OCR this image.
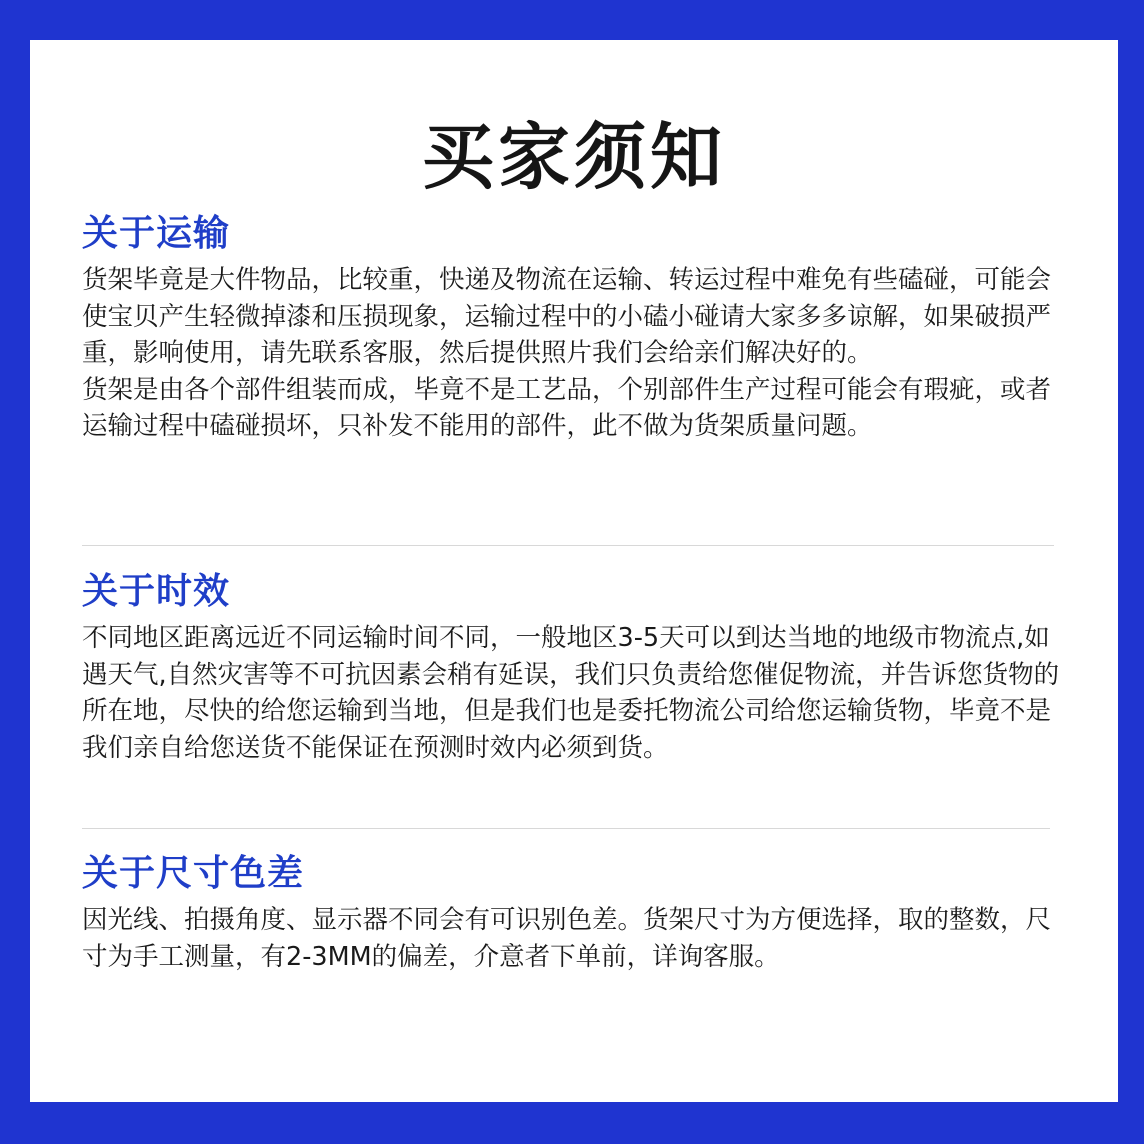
买家须知
关于运输

货架毕竟是大件物品，比较重，快递及物流在运输、转运过程中难免有些磕碰，可能会使宝贝产生轻微掉漆和压损现象，运输过程中的小磕小碰请大家多多谅解，如果破损严重，影响使用，请先联系客服，然后提供照片我们会给亲们解决好的。

货架是由各个部件组装而成，毕竟不是工艺品，个别部件生产过程可能会有瑕疵，或者运输过程中磕碰损坏，只补发不能用的部件，此不做为货架质量问题。

关于时效

不同地区距离远近不同运输时间不同，一般地区3-5天可以到达当地的地级市物流点,如遇天气,自然灾害等不可抗因素会稍有延误，我们只负责给您催促物流，并告诉您货物的所在地，尽快的给您运输到当地，但是我们也是委托物流公司给您运输货物，毕竟不是我们亲自给您送货不能保证在预测时效内必须到货。

关于尺寸色差

因光线、拍摄角度、显示器不同会有可识别色差。货架尺寸为方便选择，取的整数，尺寸为手工测量，有2-3MM的偏差，介意者下单前，详询客服。
